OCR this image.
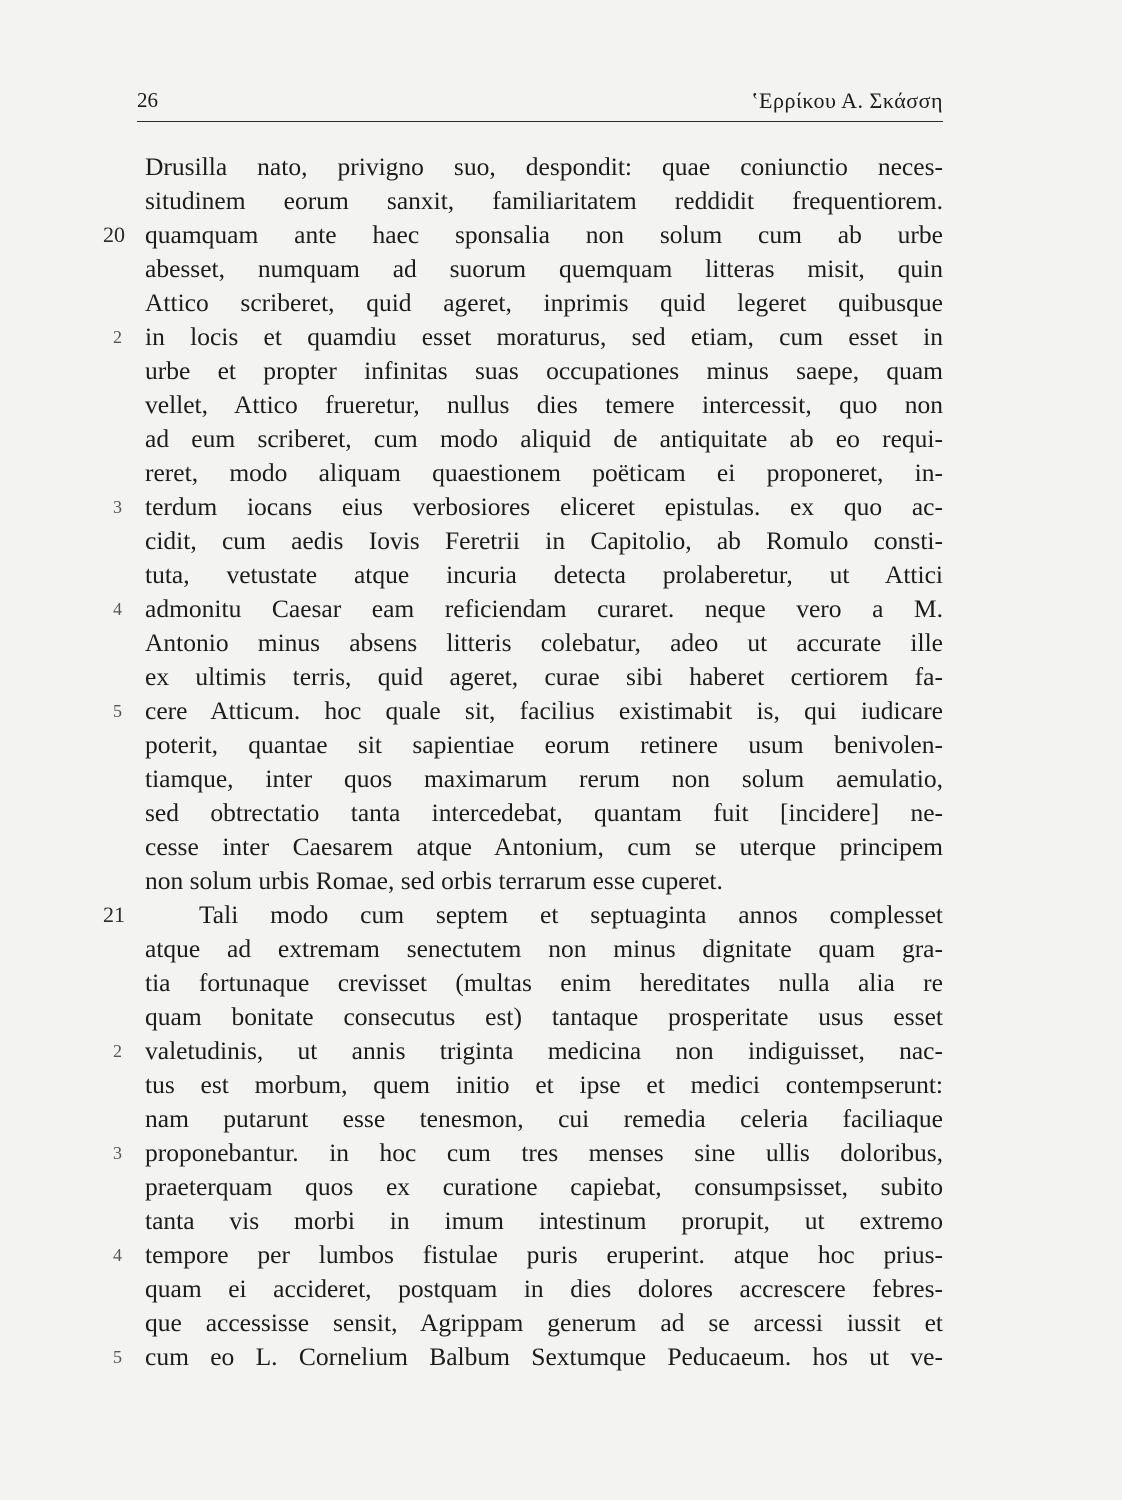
26	ʽΕρρίκου Α. Σκάσση
Drusilla nato, privigno suo, despondit: quae coniunctio neces-
situdinem eorum sanxit, familiaritatem reddidit frequentiorem.
20 quamquam ante haec sponsalia non solum cum ab urbe
abesset, numquam ad suorum quemquam litteras misit, quin
Attico scriberet, quid ageret, inprimis quid legeret quibusque
2 in locis et quamdiu esset moraturus, sed etiam, cum esset in
urbe et propter infinitas suas occupationes minus saepe, quam
vellet, Attico frueretur, nullus dies temere intercessit, quo non
ad eum scriberet, cum modo aliquid de antiquitate ab eo requi-
reret, modo aliquam quaestionem poëticam ei proponeret, in-
3 terdum iocans eius verbosiores eliceret epistulas. ex quo ac-
cidit, cum aedis Iovis Feretrii in Capitolio, ab Romulo consti-
tuta, vetustate atque incuria detecta prolaberetur, ut Attici
4 admonitu Caesar eam reficiendam curaret. neque vero a M.
Antonio minus absens litteris colebatur, adeo ut accurate ille
ex ultimis terris, quid ageret, curae sibi haberet certiorem fa-
5 cere Atticum. hoc quale sit, facilius existimabit is, qui iudicare
poterit, quantae sit sapientiae eorum retinere usum benivolen-
tiamque, inter quos maximarum rerum non solum aemulatio,
sed obtrectatio tanta intercedebat, quantam fuit [incidere] ne-
cesse inter Caesarem atque Antonium, cum se uterque principem
non solum urbis Romae, sed orbis terrarum esse cuperet.
21	Tali modo cum septem et septuaginta annos complesset
atque ad extremam senectutem non minus dignitate quam gra-
tia fortunaque crevisset (multas enim hereditates nulla alia re
quam bonitate consecutus est) tantaque prosperitate usus esset
2 valetudinis, ut annis triginta medicina non indiguisset, nac-
tus est morbum, quem initio et ipse et medici contempserunt:
nam putarunt esse tenesmon, cui remedia celeria faciliaque
3 proponebantur. in hoc cum tres menses sine ullis doloribus,
praeterquam quos ex curatione capiebat, consumpsisset, subito
tanta vis morbi in imum intestinum prorupit, ut extremo
4 tempore per lumbos fistulae puris eruperint. atque hoc prius-
quam ei accideret, postquam in dies dolores accrescere febres-
que accessisse sensit, Agrippam generum ad se arcessi iussit et
5 cum eo L. Cornelium Balbum Sextumque Peducaeum. hos ut ve-
